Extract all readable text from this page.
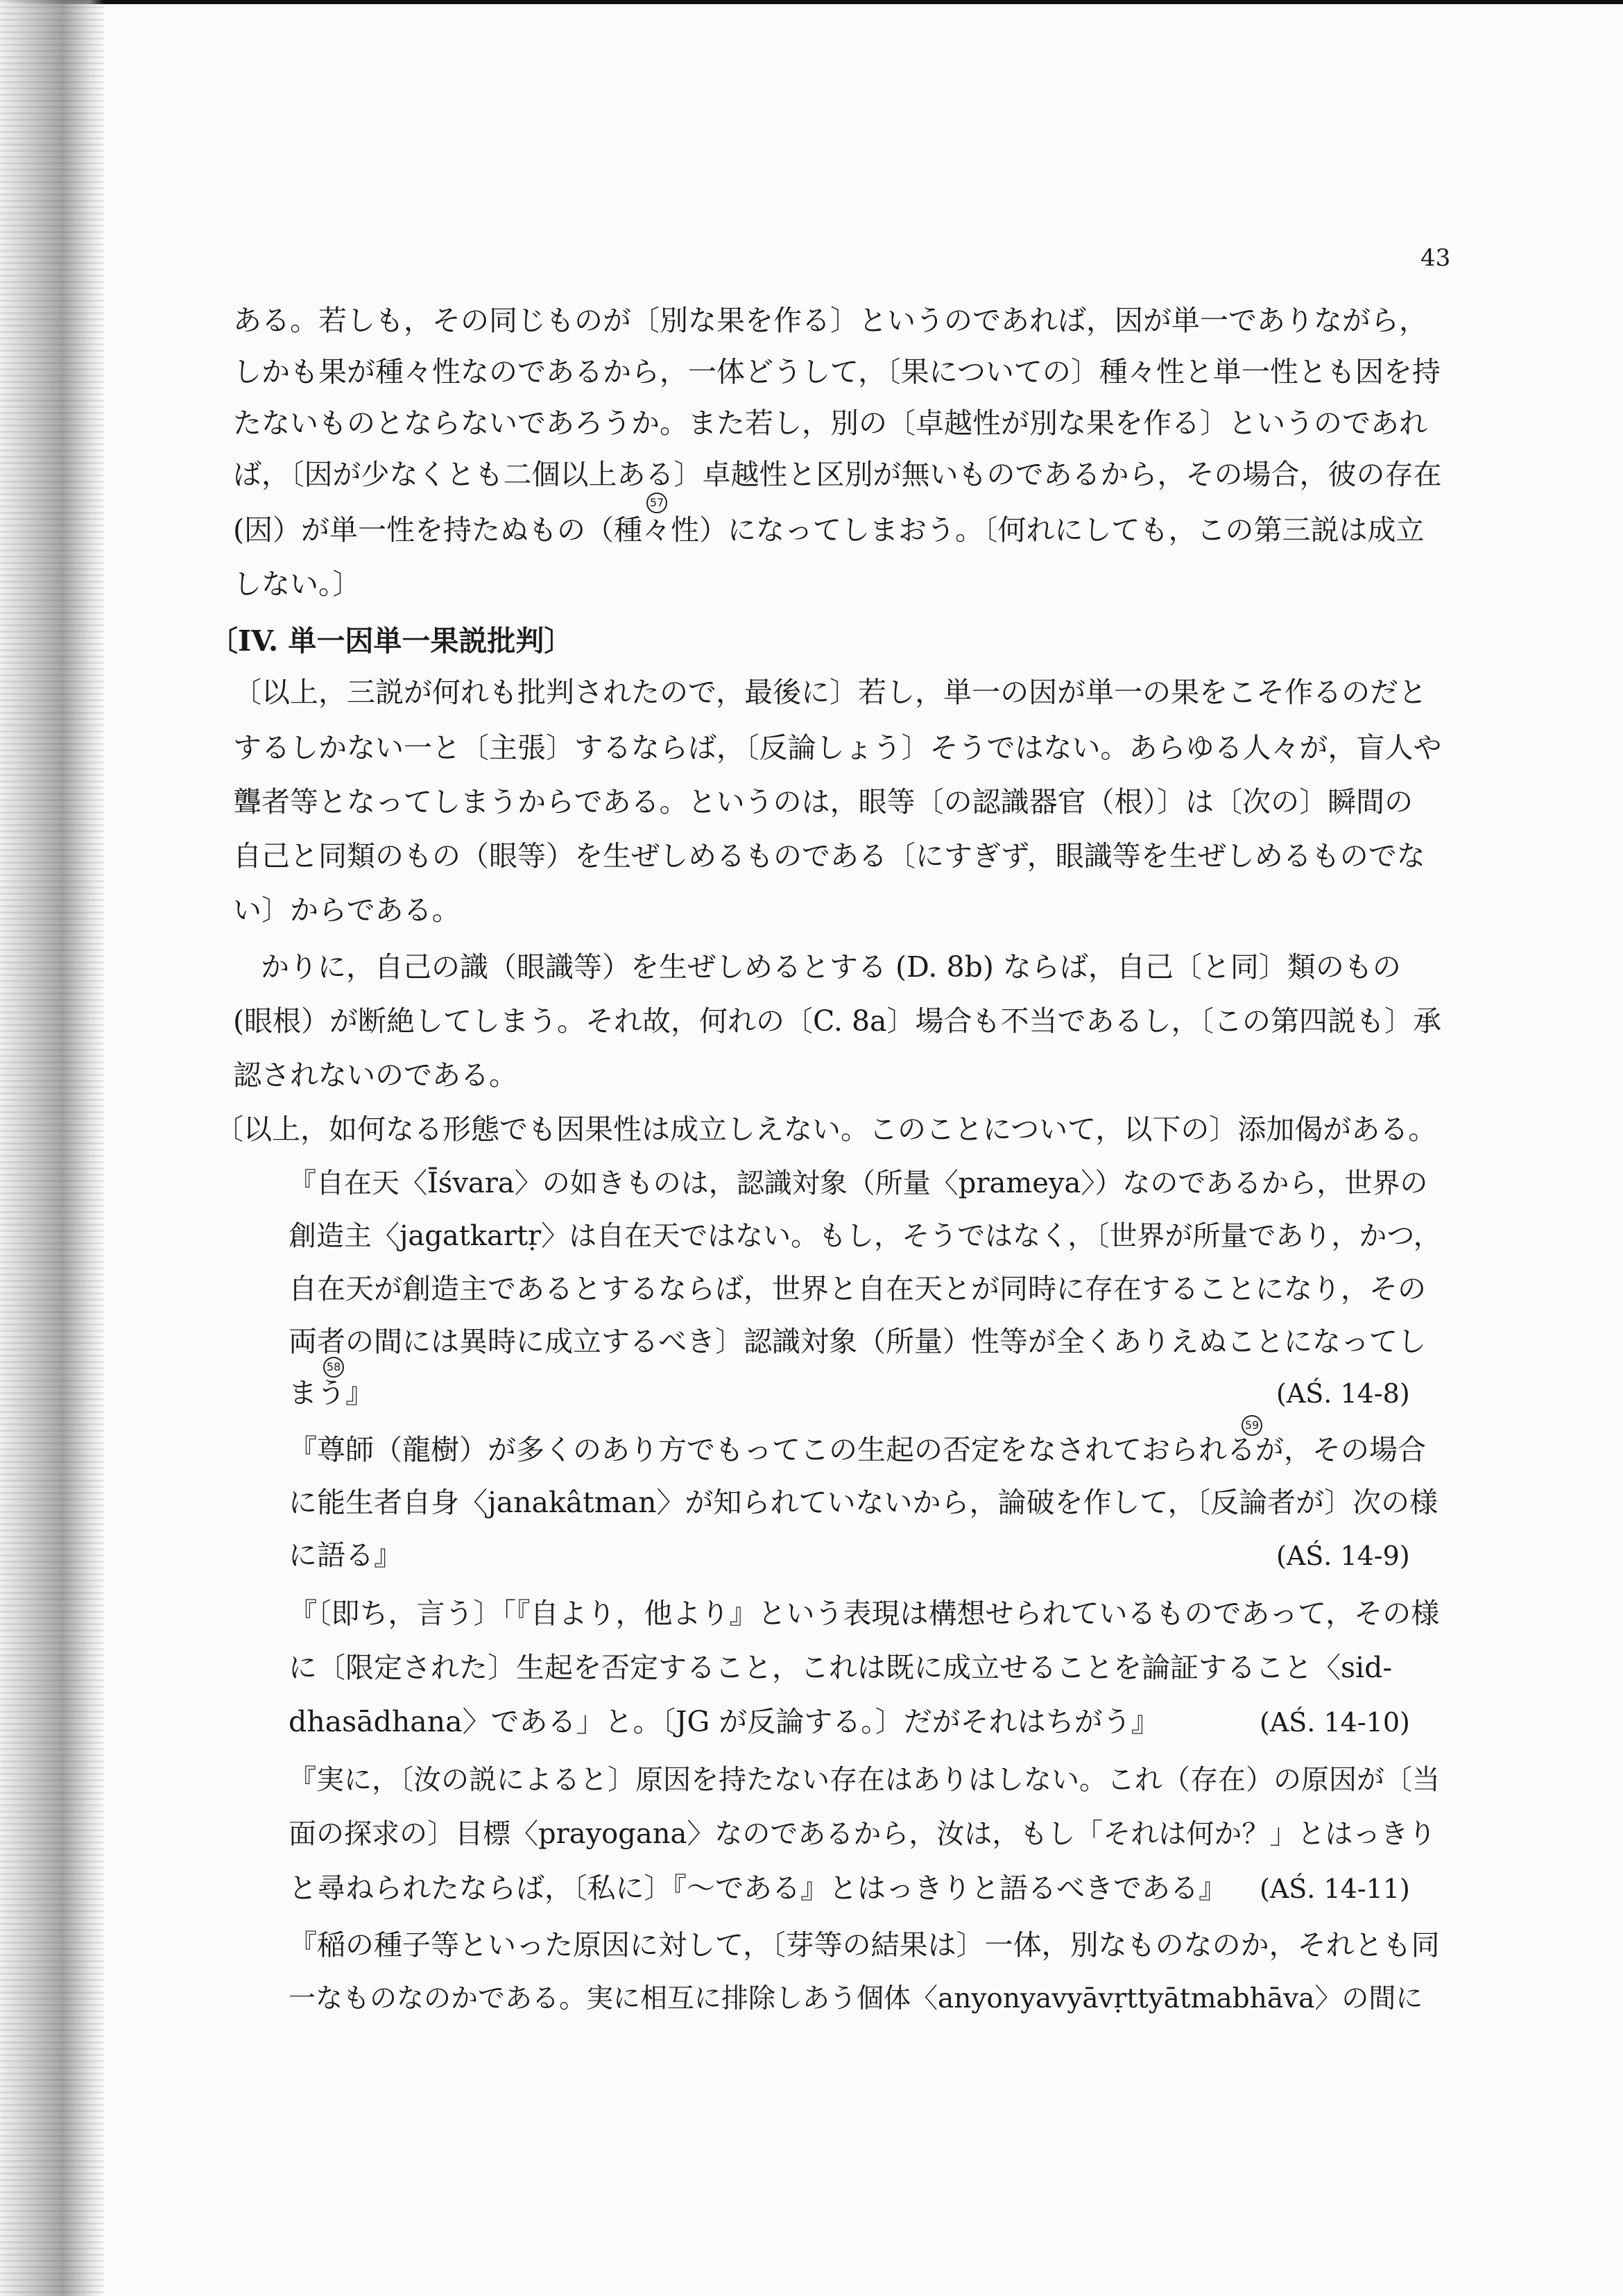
43
ある。若しも，その同じものが〔別な果を作る〕というのであれば，因が単一でありながら，
しかも果が種々性なのであるから，一体どうして，〔果についての〕種々性と単一性とも因を持
たないものとならないであろうか。また若し，別の〔卓越性が別な果を作る〕というのであれ
ば，〔因が少なくとも二個以上ある〕卓越性と区別が無いものであるから，その場合，彼の存在
57
(因）が単一性を持たぬもの（種々性）になってしまおう。〔何れにしても，この第三説は成立
しない。〕
〔IV. 単一因単一果説批判〕
〔以上，三説が何れも批判されたので，最後に〕若し，単一の因が単一の果をこそ作るのだと
するしかない一と〔主張〕するならば，〔反論しょう〕そうではない。あらゆる人々が，盲人や
聾者等となってしまうからである。というのは，眼等〔の認識器官（根）〕は〔次の〕瞬間の
自己と同類のもの（眼等）を生ぜしめるものである〔にすぎず，眼識等を生ぜしめるものでな
い〕からである。
かりに，自己の識（眼識等）を生ぜしめるとする (D. 8b) ならば，自己〔と同〕類のもの
(眼根）が断絶してしまう。それ故，何れの〔C. 8a〕場合も不当であるし，〔この第四説も〕承
認されないのである。
〔以上，如何なる形態でも因果性は成立しえない。このことについて，以下の〕添加偈がある。
『自在天〈Īśvara〉の如きものは，認識対象（所量〈prameya〉）なのであるから，世界の
創造主〈jagatkartṛ〉は自在天ではない。もし，そうではなく，〔世界が所量であり，かつ，
自在天が創造主であるとするならば，世界と自在天とが同時に存在することになり，その
両者の間には異時に成立するべき〕認識対象（所量）性等が全くありえぬことになってし
58
まう』	(AŚ. 14-8)
59
『尊師（龍樹）が多くのあり方でもってこの生起の否定をなされておられるが，その場合
に能生者自身〈janakâtman〉が知られていないから，論破を作して，〔反論者が〕次の様
に語る』	(AŚ. 14-9)
『〔即ち，言う〕「『自より，他より』という表現は構想せられているものであって，その様
に〔限定された〕生起を否定すること，これは既に成立せることを論証すること〈sid-
dhasādhana〉である」と。〔JG が反論する。〕だがそれはちがう』	(AŚ. 14-10)
『実に，〔汝の説によると〕原因を持たない存在はありはしない。これ（存在）の原因が〔当
面の探求の〕目標〈prayogana〉なのであるから，汝は，もし「それは何か？」とはっきり
と尋ねられたならば，〔私に〕『〜である』とはっきりと語るべきである』 (AŚ. 14-11)
『稲の種子等といった原因に対して，〔芽等の結果は〕一体，別なものなのか，それとも同
一なものなのかである。実に相互に排除しあう個体〈anyonyavyāvṛttyātmabhāva〉の間に
